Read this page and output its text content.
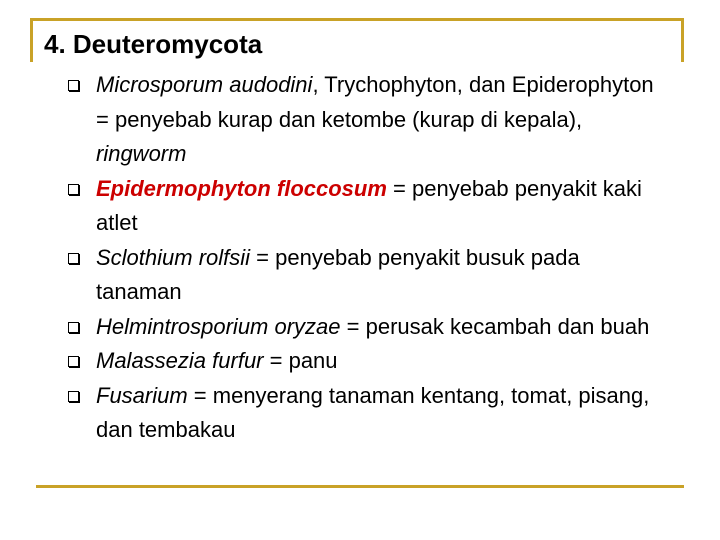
4. Deuteromycota
Microsporum audodini, Trychophyton, dan Epiderophyton = penyebab kurap dan ketombe (kurap di kepala), ringworm
Epidermophyton floccosum = penyebab penyakit kaki atlet
Sclothium rolfsii = penyebab penyakit busuk pada tanaman
Helmintrosporium oryzae = perusak kecambah dan buah
Malassezia furfur = panu
Fusarium = menyerang tanaman kentang, tomat, pisang, dan tembakau
